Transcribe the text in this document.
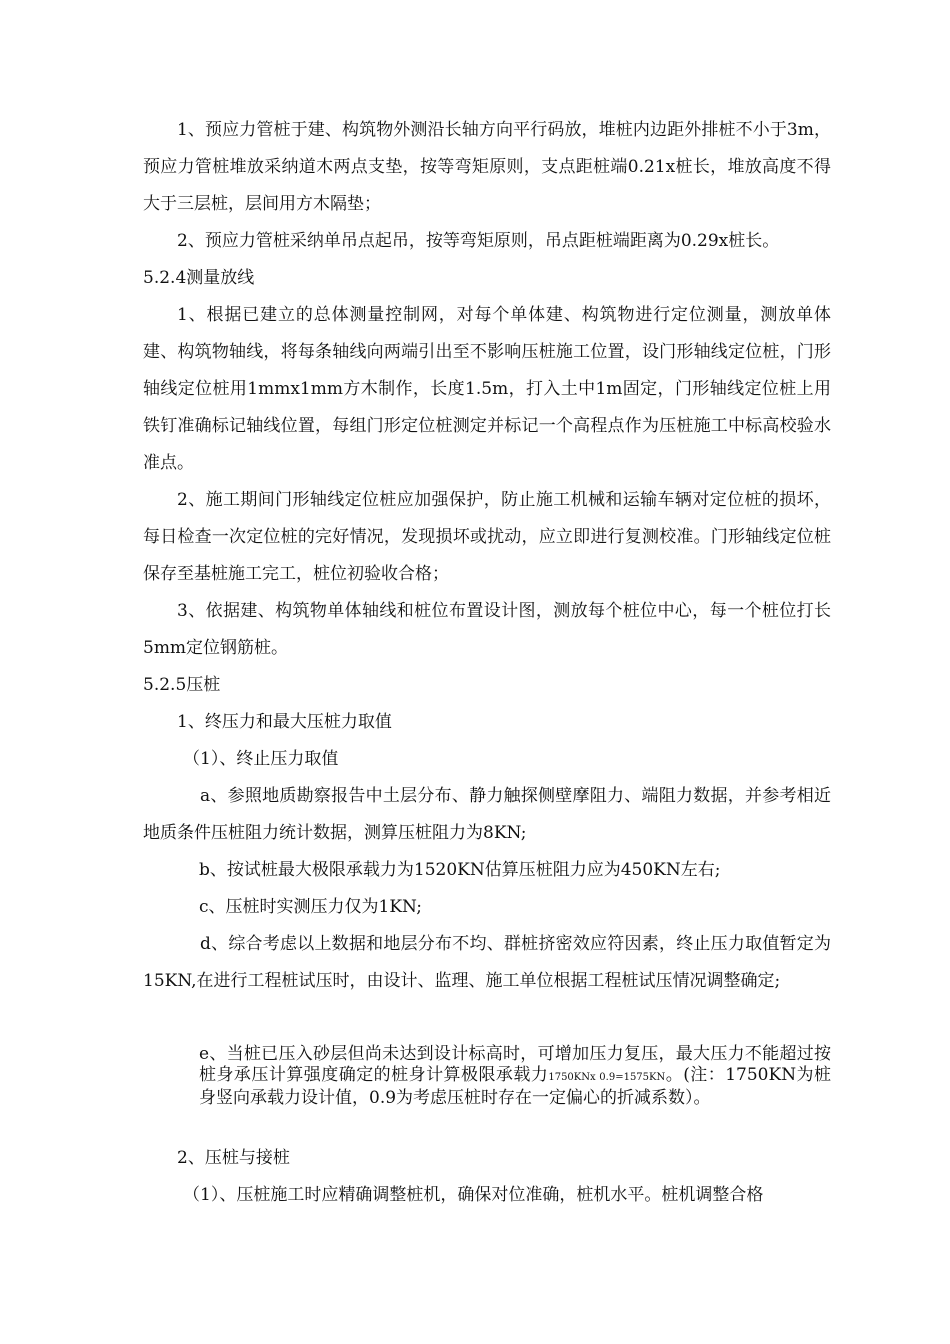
1、预应力管桩于建、构筑物外测沿长轴方向平行码放，堆桩内边距外排桩不小于3m，预应力管桩堆放采纳道木两点支垫，按等弯矩原则，支点距桩端0.21x桩长，堆放高度不得大于三层桩，层间用方木隔垫；

2、预应力管桩采纳单吊点起吊，按等弯矩原则，吊点距桩端距离为0.29x桩长。

5.2.4测量放线

1、根据已建立的总体测量控制网，对每个单体建、构筑物进行定位测量，测放单体建、构筑物轴线，将每条轴线向两端引出至不影响压桩施工位置，设门形轴线定位桩，门形轴线定位桩用1mmx1mm方木制作，长度1.5m，打入土中1m固定，门形轴线定位桩上用铁钉准确标记轴线位置，每组门形定位桩测定并标记一个高程点作为压桩施工中标高校验水准点。

2、施工期间门形轴线定位桩应加强保护，防止施工机械和运输车辆对定位桩的损坏，每日检查一次定位桩的完好情况，发现损坏或扰动，应立即进行复测校准。门形轴线定位桩保存至基桩施工完工，桩位初验收合格；

3、依据建、构筑物单体轴线和桩位布置设计图，测放每个桩位中心，每一个桩位打长5mm定位钢筋桩。

5.2.5压桩

1、终压力和最大压桩力取值

（1）、终止压力取值

a、参照地质勘察报告中土层分布、静力触探侧壁摩阻力、端阻力数据，并参考相近地质条件压桩阻力统计数据，测算压桩阻力为8KN;

b、按试桩最大极限承载力为1520KN估算压桩阻力应为450KN左右;

c、压桩时实测压力仅为1KN;

d、综合考虑以上数据和地层分布不均、群桩挤密效应符因素，终止压力取值暂定为15KN,在进行工程桩试压时，由设计、监理、施工单位根据工程桩试压情况调整确定;

e、当桩已压入砂层但尚未达到设计标高时，可增加压力复压，最大压力不能超过按桩身承压计算强度确定的桩身计算极限承载力1750KNx 0.9=1575KN。(注：1750KN为桩身竖向承载力设计值，0.9为考虑压桩时存在一定偏心的折减系数）。

2、压桩与接桩

（1）、压桩施工时应精确调整桩机，确保对位准确，桩机水平。桩机调整合格
